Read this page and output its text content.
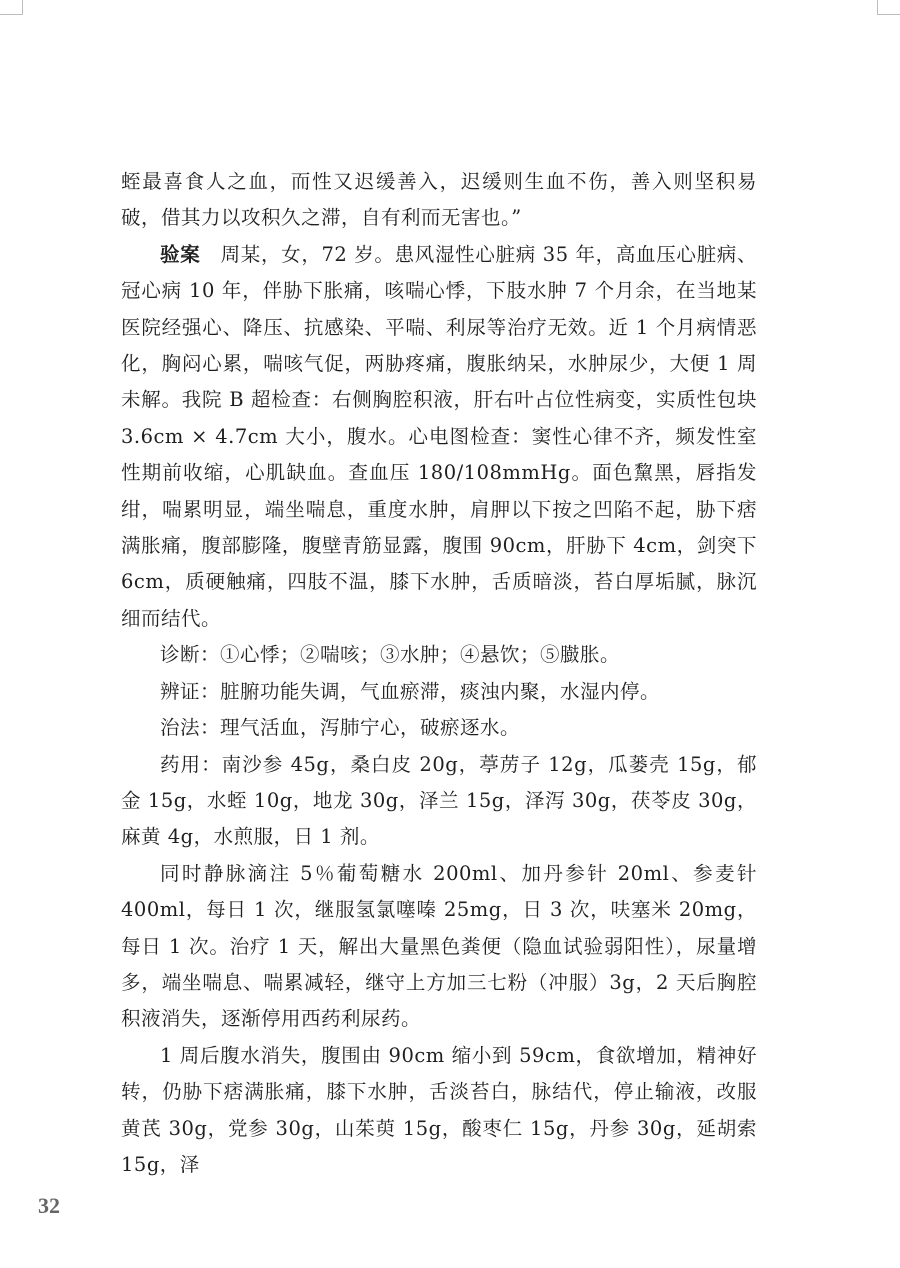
蛭最喜食人之血，而性又迟缓善入，迟缓则生血不伤，善入则坚积易破，借其力以攻积久之滞，自有利而无害也。”

验案　周某，女，72 岁。患风湿性心脏病 35 年，高血压心脏病、冠心病 10 年，伴胁下胀痛，咳喘心悸，下肢水肿 7 个月余，在当地某医院经强心、降压、抗感染、平喘、利尿等治疗无效。近 1 个月病情恶化，胸闷心累，喘咳气促，两胁疼痛，腹胀纳呆，水肿尿少，大便 1 周未解。我院 B 超检查：右侧胸腔积液，肝右叶占位性病变，实质性包块 3.6cm × 4.7cm 大小，腹水。心电图检查：窦性心律不齐，频发性室性期前收缩，心肌缺血。查血压 180/108mmHg。面色黧黑，唇指发绀，喘累明显，端坐喘息，重度水肿，肩胛以下按之凹陷不起，胁下痞满胀痛，腹部膨隆，腹壁青筋显露，腹围 90cm，肝胁下 4cm，剑突下 6cm，质硬触痛，四肢不温，膝下水肿，舌质暗淡，苔白厚垢腻，脉沉细而结代。

诊断：①心悸；②喘咳；③水肿；④悬饮；⑤臌胀。

辨证：脏腑功能失调，气血瘀滞，痰浊内聚，水湿内停。

治法：理气活血，泻肺宁心，破瘀逐水。

药用：南沙参 45g，桑白皮 20g，葶苈子 12g，瓜蒌壳 15g，郁金 15g，水蛭 10g，地龙 30g，泽兰 15g，泽泻 30g，茯苓皮 30g，麻黄 4g，水煎服，日 1 剂。

同时静脉滴注 5％葡萄糖水 200ml、加丹参针 20ml、参麦针 400ml，每日 1 次，继服氢氯噻嗪 25mg，日 3 次，呋塞米 20mg，每日 1 次。治疗 1 天，解出大量黑色粪便（隐血试验弱阳性），尿量增多，端坐喘息、喘累减轻，继守上方加三七粉（冲服）3g，2 天后胸腔积液消失，逐渐停用西药利尿药。

1 周后腹水消失，腹围由 90cm 缩小到 59cm，食欲增加，精神好转，仍胁下痞满胀痛，膝下水肿，舌淡苔白，脉结代，停止输液，改服黄芪 30g，党参 30g，山茱萸 15g，酸枣仁 15g，丹参 30g，延胡索 15g，泽

32
